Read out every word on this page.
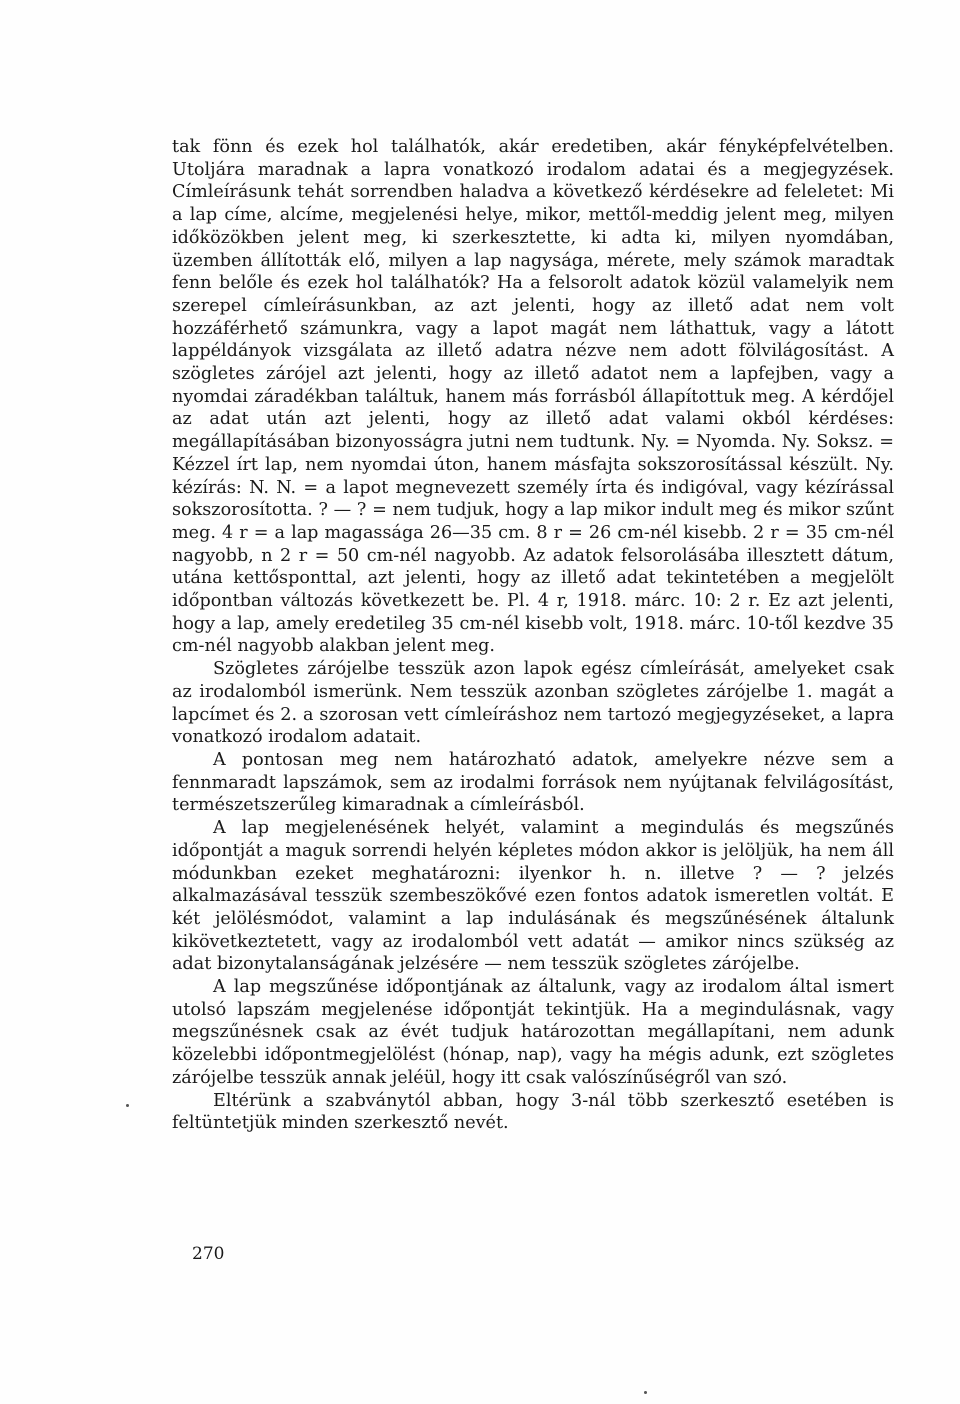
tak fönn és ezek hol találhatók, akár eredetiben, akár fényképfelvételben. Utoljára maradnak a lapra vonatkozó irodalom adatai és a megjegyzések. Címleírásunk tehát sorrendben haladva a következő kérdésekre ad feleletet: Mi a lap címe, alcíme, megjelenési helye, mikor, mettől-meddig jelent meg, milyen időközökben jelent meg, ki szerkesztette, ki adta ki, milyen nyomdában, üzemben állították elő, milyen a lap nagysága, mérete, mely számok maradtak fenn belőle és ezek hol találhatók? Ha a felsorolt adatok közül valamelyik nem szerepel címleírásunkban, az azt jelenti, hogy az illető adat nem volt hozzáférhető számunkra, vagy a lapot magát nem láthattuk, vagy a látott lappéldányok vizsgálata az illető adatra nézve nem adott fölvilágosítást. A szögletes zárójel azt jelenti, hogy az illető adatot nem a lapfejben, vagy a nyomdai záradékban találtuk, hanem más forrásból állapítottuk meg. A kérdőjel az adat után azt jelenti, hogy az illető adat valami okból kérdéses: megállapításában bizonyosságra jutni nem tudtunk. Ny. = Nyomda. Ny. Soksz. = Kézzel írt lap, nem nyomdai úton, hanem másfajta sokszorosítással készült. Ny. kézírás: N. N. = a lapot megnevezett személy írta és indigóval, vagy kézírással sokszorosította. ? — ? = nem tudjuk, hogy a lap mikor indult meg és mikor szűnt meg. 4 r = a lap magassága 26—35 cm. 8 r = 26 cm-nél kisebb. 2 r = 35 cm-nél nagyobb, n 2 r = 50 cm-nél nagyobb. Az adatok felsorolásába illesztett dátum, utána kettősponttal, azt jelenti, hogy az illető adat tekintetében a megjelölt időpontban változás következett be. Pl. 4 r, 1918. márc. 10: 2 r. Ez azt jelenti, hogy a lap, amely eredetileg 35 cm-nél kisebb volt, 1918. márc. 10-től kezdve 35 cm-nél nagyobb alakban jelent meg.

Szögletes zárójelbe tesszük azon lapok egész címleírását, amelyeket csak az irodalomból ismerünk. Nem tesszük azonban szögletes zárójelbe 1. magát a lapcímet és 2. a szorosan vett címleíráshoz nem tartozó megjegyzéseket, a lapra vonatkozó irodalom adatait.

A pontosan meg nem határozható adatok, amelyekre nézve sem a fennmaradt lapszámok, sem az irodalmi források nem nyújtanak felvilágosítást, természetszerűleg kimaradnak a címleírásból.

A lap megjelenésének helyét, valamint a megindulás és megszűnés időpontját a maguk sorrendi helyén képletes módon akkor is jelöljük, ha nem áll módunkban ezeket meghatározni: ilyenkor h. n. illetve ? — ? jelzés alkalmazásával tesszük szembeszökővé ezen fontos adatok ismeretlen voltát. E két jelölésmódot, valamint a lap indulásának és megszűnésének általunk kikövetkeztetett, vagy az irodalomból vett adatát — amikor nincs szükség az adat bizonytalanságának jelzésére — nem tesszük szögletes zárójelbe.

A lap megszűnése időpontjának az általunk, vagy az irodalom által ismert utolsó lapszám megjelenése időpontját tekintjük. Ha a megindulásnak, vagy megszűnésnek csak az évét tudjuk határozottan megállapítani, nem adunk közelebbi időpontmegjelölést (hónap, nap), vagy ha mégis adunk, ezt szögletes zárójelbe tesszük annak jeléül, hogy itt csak valószínűségről van szó.

Eltérünk a szabványtól abban, hogy 3-nál több szerkesztő esetében is feltüntetjük minden szerkesztő nevét.

270
